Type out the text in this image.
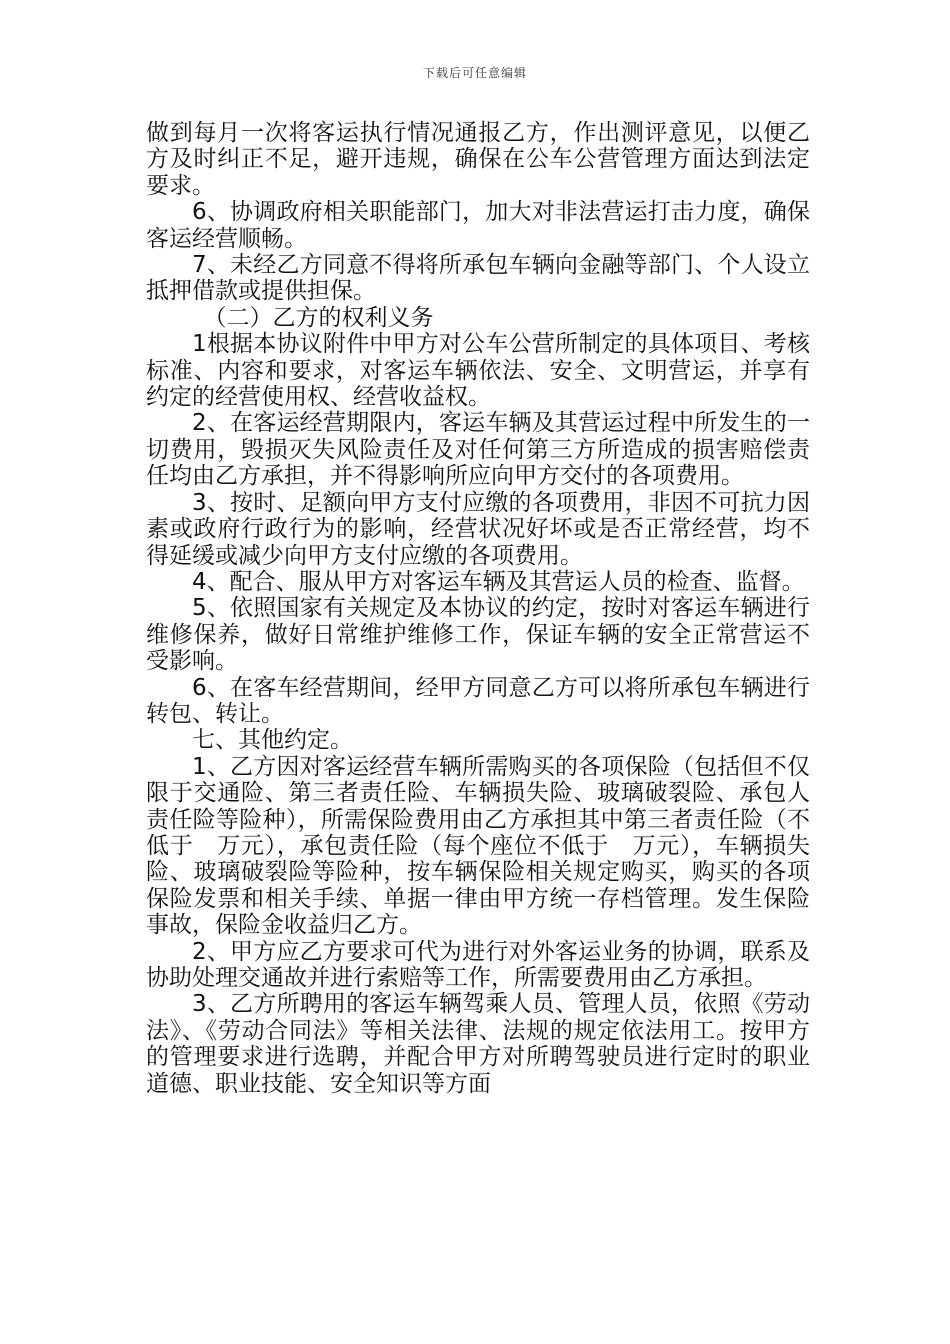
下载后可任意编辑

做到每月一次将客运执行情况通报乙方，作出测评意见，以便乙方及时纠正不足，避开违规，确保在公车公营管理方面达到法定要求。

6、协调政府相关职能部门，加大对非法营运打击力度，确保客运经营顺畅。

7、未经乙方同意不得将所承包车辆向金融等部门、个人设立抵押借款或提供担保。

（二）乙方的权利义务

1根据本协议附件中甲方对公车公营所制定的具体项目、考核标准、内容和要求，对客运车辆依法、安全、文明营运，并享有约定的经营使用权、经营收益权。

2、在客运经营期限内，客运车辆及其营运过程中所发生的一切费用，毁损灭失风险责任及对任何第三方所造成的损害赔偿责任均由乙方承担，并不得影响所应向甲方交付的各项费用。

3、按时、足额向甲方支付应缴的各项费用，非因不可抗力因素或政府行政行为的影响，经营状况好坏或是否正常经营，均不得延缓或减少向甲方支付应缴的各项费用。

4、配合、服从甲方对客运车辆及其营运人员的检查、监督。

5、依照国家有关规定及本协议的约定，按时对客运车辆进行维修保养，做好日常维护维修工作，保证车辆的安全正常营运不受影响。

6、在客车经营期间，经甲方同意乙方可以将所承包车辆进行转包、转让。

七、其他约定。

1、乙方因对客运经营车辆所需购买的各项保险（包括但不仅限于交通险、第三者责任险、车辆损失险、玻璃破裂险、承包人责任险等险种），所需保险费用由乙方承担其中第三者责任险（不低于　万元），承包责任险（每个座位不低于　万元），车辆损失险、玻璃破裂险等险种，按车辆保险相关规定购买，购买的各项保险发票和相关手续、单据一律由甲方统一存档管理。发生保险事故，保险金收益归乙方。

2、甲方应乙方要求可代为进行对外客运业务的协调，联系及协助处理交通故并进行索赔等工作，所需要费用由乙方承担。

3、乙方所聘用的客运车辆驾乘人员、管理人员，依照《劳动法》、《劳动合同法》等相关法律、法规的规定依法用工。按甲方的管理要求进行选聘，并配合甲方对所聘驾驶员进行定时的职业道德、职业技能、安全知识等方面
